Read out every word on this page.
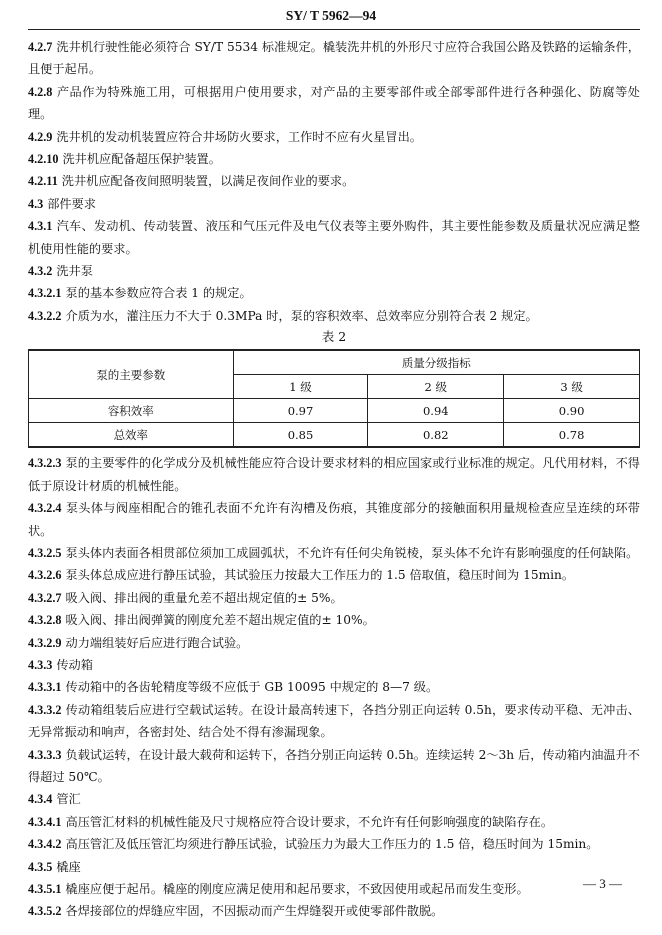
SY/ T 5962—94

4.2.7 洗井机行驶性能必须符合 SY/T 5534 标准规定。橇装洗井机的外形尺寸应符合我国公路及铁路的运输条件，且便于起吊。

4.2.8 产品作为特殊施工用，可根据用户使用要求，对产品的主要零部件或全部零部件进行各种强化、防腐等处理。

4.2.9 洗井机的发动机装置应符合井场防火要求，工作时不应有火星冒出。

4.2.10 洗井机应配备超压保护装置。

4.2.11 洗井机应配备夜间照明装置，以满足夜间作业的要求。

4.3 部件要求

4.3.1 汽车、发动机、传动装置、液压和气压元件及电气仪表等主要外购件，其主要性能参数及质量状况应满足整机使用性能的要求。

4.3.2 洗井泵

4.3.2.1 泵的基本参数应符合表 1 的规定。

4.3.2.2 介质为水，灌注压力不大于 0.3MPa 时，泵的容积效率、总效率应分别符合表 2 规定。

表 2

泵的主要参数	质量分级指标		
	1 级	2 级	3 级
容积效率	0.97	0.94	0.90
总效率	0.85	0.82	0.78

4.3.2.3 泵的主要零件的化学成分及机械性能应符合设计要求材料的相应国家或行业标准的规定。凡代用材料，不得低于原设计材质的机械性能。

4.3.2.4 泵头体与阀座相配合的锥孔表面不允许有沟槽及伤痕，其锥度部分的接触面积用量规检查应呈连续的环带状。

4.3.2.5 泵头体内表面各相贯部位须加工成圆弧状，不允许有任何尖角锐棱，泵头体不允许有影响强度的任何缺陷。

4.3.2.6 泵头体总成应进行静压试验，其试验压力按最大工作压力的 1.5 倍取值，稳压时间为 15min。

4.3.2.7 吸入阀、排出阀的重量允差不超出规定值的± 5%。

4.3.2.8 吸入阀、排出阀弹簧的刚度允差不超出规定值的± 10%。

4.3.2.9 动力端组装好后应进行跑合试验。

4.3.3 传动箱

4.3.3.1 传动箱中的各齿轮精度等级不应低于 GB 10095 中规定的 8—7 级。

4.3.3.2 传动箱组装后应进行空载试运转。在设计最高转速下，各挡分别正向运转 0.5h，要求传动平稳、无冲击、无异常振动和响声，各密封处、结合处不得有渗漏现象。

4.3.3.3 负载试运转，在设计最大载荷和运转下，各挡分别正向运转 0.5h。连续运转 2～3h 后，传动箱内油温升不得超过 50℃。

4.3.4 管汇

4.3.4.1 高压管汇材料的机械性能及尺寸规格应符合设计要求，不允许有任何影响强度的缺陷存在。

4.3.4.2 高压管汇及低压管汇均须进行静压试验，试验压力为最大工作压力的 1.5 倍，稳压时间为 15min。

4.3.5 橇座

4.3.5.1 橇座应便于起吊。橇座的刚度应满足使用和起吊要求，不致因使用或起吊而发生变形。

4.3.5.2 各焊接部位的焊缝应牢固，不因振动而产生焊缝裂开或使零部件散脱。

— 3 —
